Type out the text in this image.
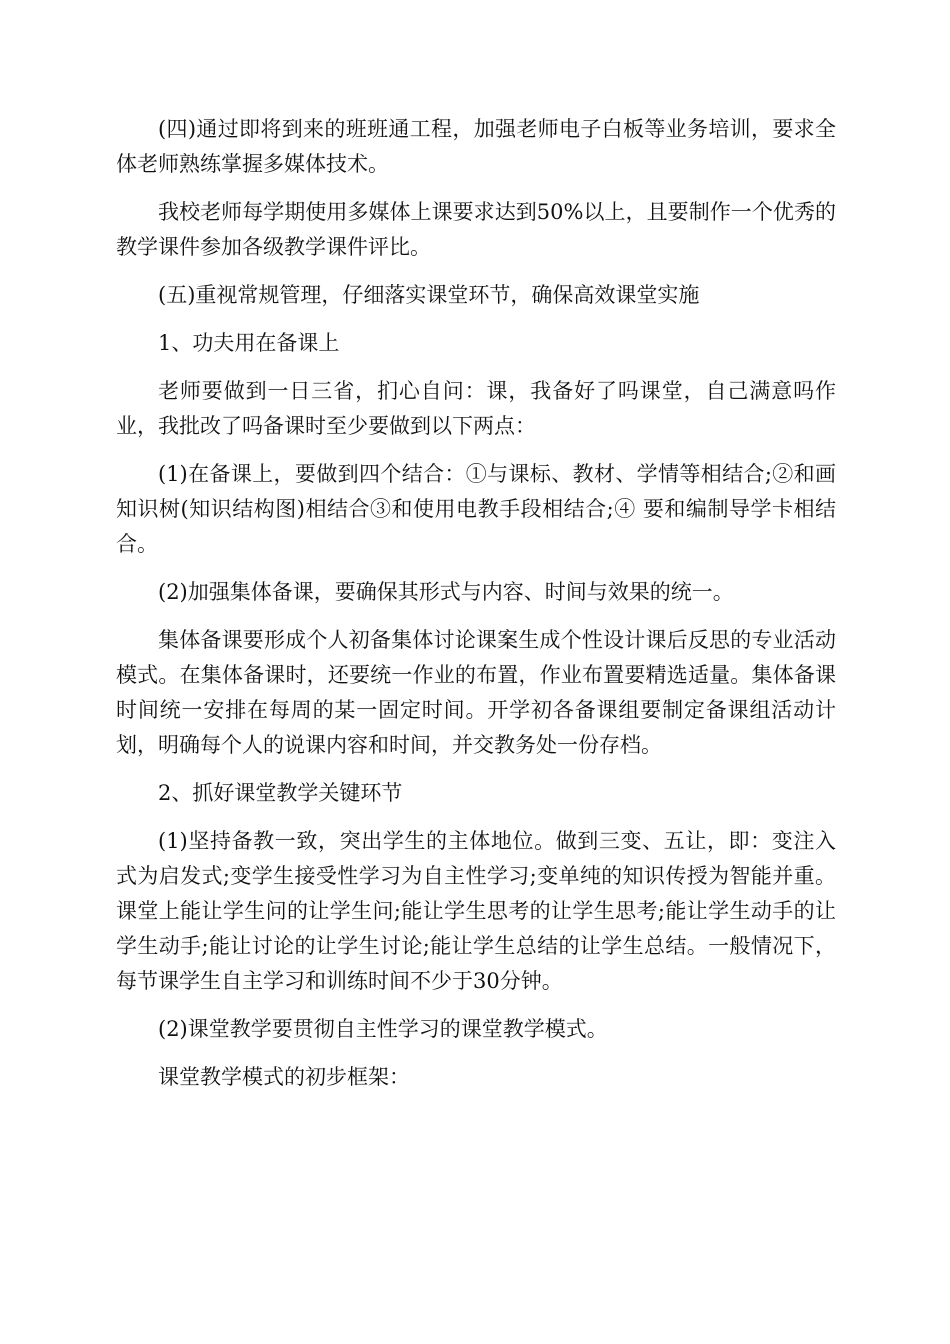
(四)通过即将到来的班班通工程，加强老师电子白板等业务培训，要求全体老师熟练掌握多媒体技术。

我校老师每学期使用多媒体上课要求达到50%以上，且要制作一个优秀的教学课件参加各级教学课件评比。

(五)重视常规管理，仔细落实课堂环节，确保高效课堂实施

1、功夫用在备课上

老师要做到一日三省，扪心自问：课，我备好了吗课堂，自己满意吗作业，我批改了吗备课时至少要做到以下两点：

(1)在备课上，要做到四个结合：①与课标、教材、学情等相结合;②和画知识树(知识结构图)相结合③和使用电教手段相结合;④ 要和编制导学卡相结合。

(2)加强集体备课，要确保其形式与内容、时间与效果的统一。

集体备课要形成个人初备集体讨论课案生成个性设计课后反思的专业活动模式。在集体备课时，还要统一作业的布置，作业布置要精选适量。集体备课时间统一安排在每周的某一固定时间。开学初各备课组要制定备课组活动计划，明确每个人的说课内容和时间，并交教务处一份存档。

2、抓好课堂教学关键环节

(1)坚持备教一致，突出学生的主体地位。做到三变、五让，即：变注入式为启发式;变学生接受性学习为自主性学习;变单纯的知识传授为智能并重。课堂上能让学生问的让学生问;能让学生思考的让学生思考;能让学生动手的让学生动手;能让讨论的让学生讨论;能让学生总结的让学生总结。一般情况下，每节课学生自主学习和训练时间不少于30分钟。

(2)课堂教学要贯彻自主性学习的课堂教学模式。

课堂教学模式的初步框架：
